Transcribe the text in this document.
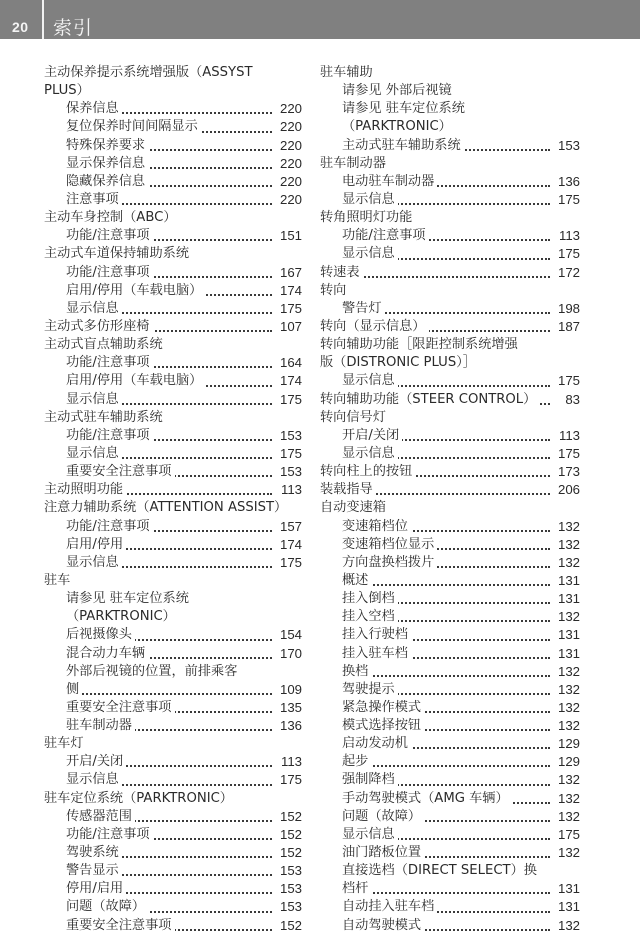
20 索引
主动保养提示系统增强版（ASSYST
PLUS）
保养信息	220
复位保养时间间隔显示	220
特殊保养要求	220
显示保养信息	220
隐藏保养信息	220
注意事项	220
主动车身控制（ABC）
功能/注意事项	151
主动式车道保持辅助系统
功能/注意事项	167
启用/停用（车载电脑）	174
显示信息	175
主动式多仿形座椅	107
主动式盲点辅助系统
功能/注意事项	164
启用/停用（车载电脑）	174
显示信息	175
主动式驻车辅助系统
功能/注意事项	153
显示信息	175
重要安全注意事项	153
主动照明功能	113
注意力辅助系统（ATTENTION ASSIST）
功能/注意事项	157
启用/停用	174
显示信息	175
驻车
请参见 驻车定位系统
（PARKTRONIC）
后视摄像头	154
混合动力车辆	170
外部后视镜的位置，前排乘客
侧	109
重要安全注意事项	135
驻车制动器	136
驻车灯
开启/关闭	113
显示信息	175
驻车定位系统（PARKTRONIC）
传感器范围	152
功能/注意事项	152
驾驶系统	152
警告显示	153
停用/启用	153
问题（故障）	153
重要安全注意事项	152
驻车辅助
请参见 外部后视镜
请参见 驻车定位系统
（PARKTRONIC）
主动式驻车辅助系统	153
驻车制动器
电动驻车制动器	136
显示信息	175
转角照明灯功能
功能/注意事项	113
显示信息	175
转速表	172
转向
警告灯	198
转向（显示信息）	187
转向辅助功能［限距控制系统增强
版（DISTRONIC PLUS）］
显示信息	175
转向辅助功能（STEER CONTROL） 83
转向信号灯
开启/关闭	113
显示信息	175
转向柱上的按钮	173
装载指导	206
自动变速箱
变速箱档位	132
变速箱档位显示	132
方向盘换档拨片	132
概述	131
挂入倒档	131
挂入空档	132
挂入行驶档	131
挂入驻车档	131
换档	132
驾驶提示	132
紧急操作模式	132
模式选择按钮	132
启动发动机	129
起步	129
强制降档	132
手动驾驶模式（AMG 车辆）	132
问题（故障）	132
显示信息	175
油门踏板位置	132
直接选档（DIRECT SELECT）换
档杆	131
自动挂入驻车档	131
自动驾驶模式	132
